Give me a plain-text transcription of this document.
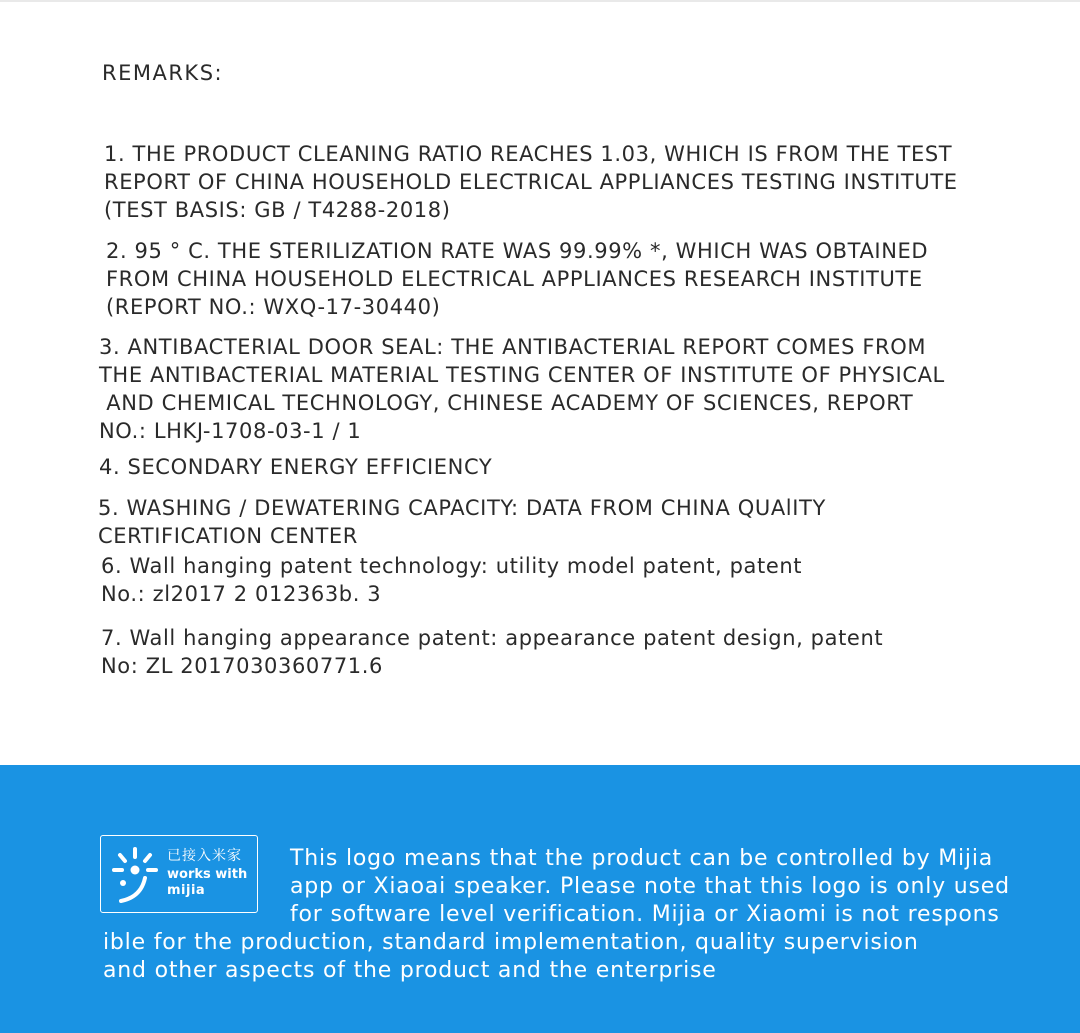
REMARKS:

1. THE PRODUCT CLEANING RATIO REACHES 1.03, WHICH IS FROM THE TEST
REPORT OF CHINA HOUSEHOLD ELECTRICAL APPLIANCES TESTING INSTITUTE
(TEST BASIS: GB / T4288-2018)

2. 95 ° C. THE STERILIZATION RATE WAS 99.99% *, WHICH WAS OBTAINED
FROM CHINA HOUSEHOLD ELECTRICAL APPLIANCES RESEARCH INSTITUTE
(REPORT NO.: WXQ-17-30440)

3. ANTIBACTERIAL DOOR SEAL: THE ANTIBACTERIAL REPORT COMES FROM
THE ANTIBACTERIAL MATERIAL TESTING CENTER OF INSTITUTE OF PHYSICAL
AND CHEMICAL TECHNOLOGY, CHINESE ACADEMY OF SCIENCES, REPORT
NO.: LHKJ-1708-03-1 / 1

4. SECONDARY ENERGY EFFICIENCY

5. WASHING / DEWATERING CAPACITY: DATA FROM CHINA QUAlITY
CERTIFICATION CENTER

6. Wall hanging patent technology: utility model patent, patent
No.: zl2017 2 012363b. 3

7. Wall hanging appearance patent: appearance patent design, patent
No: ZL 2017030360771.6

已接入米家
works with
mijia
This logo means that the product can be controlled by Mijia
app or Xiaoai speaker. Please note that this logo is only used
for software level verification. Mijia or Xiaomi is not respons
ible for the production, standard implementation, quality supervision
and other aspects of the product and the enterprise
